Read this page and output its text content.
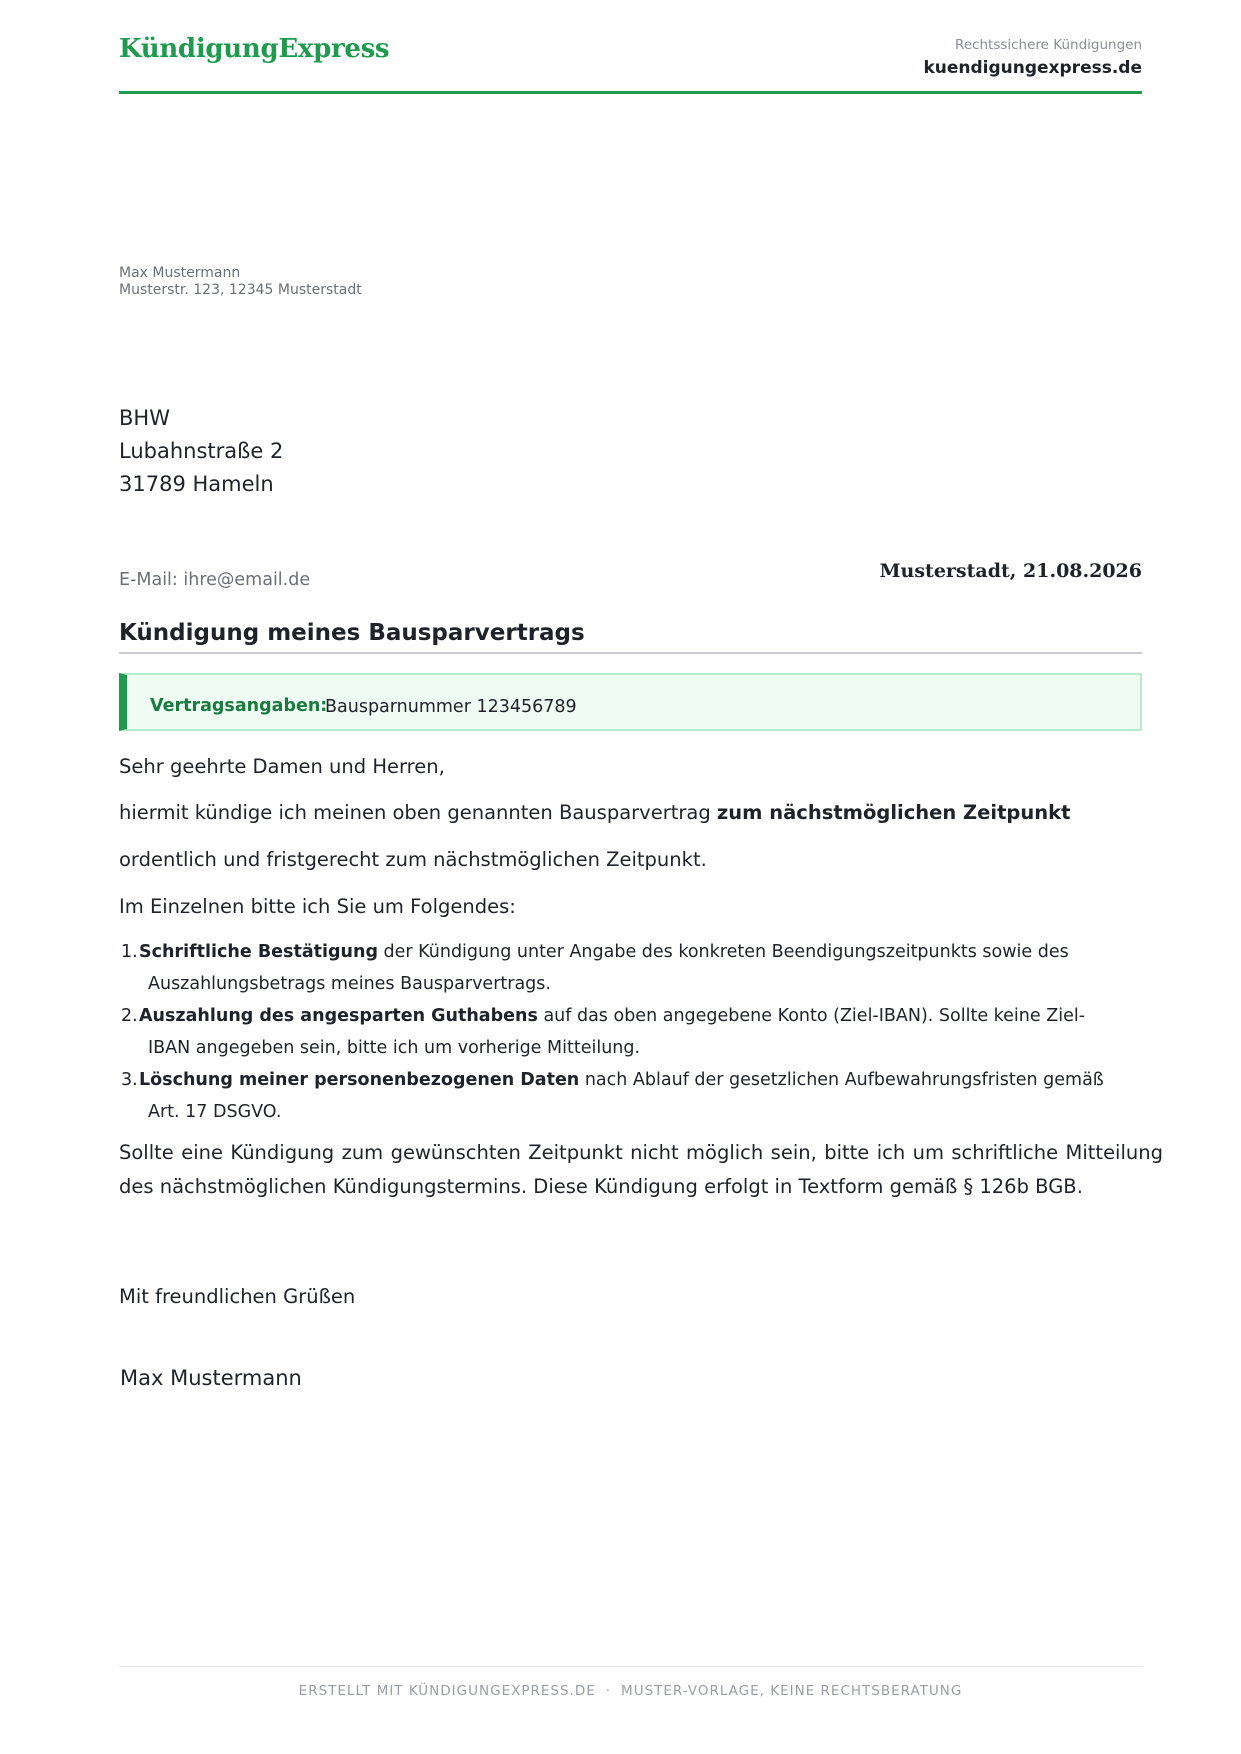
KündigungExpress	Rechtssichere Kündigungen
kuendigungexpress.de
Max Mustermann
Musterstr. 123, 12345 Musterstadt
BHW
Lubahnstraße 2
31789 Hameln
E-Mail: ihre@email.de	Musterstadt, 21.08.2026
Kündigung meines Bausparvertrags
Vertragsangaben:
Bausparnummer 123456789
Sehr geehrte Damen und Herren,
hiermit kündige ich meinen oben genannten Bausparvertrag zum nächstmöglichen Zeitpunkt
ordentlich und fristgerecht zum nächstmöglichen Zeitpunkt.
Im Einzelnen bitte ich Sie um Folgendes:
1. Schriftliche Bestätigung der Kündigung unter Angabe des konkreten Beendigungszeitpunkts sowie des
Auszahlungsbetrags meines Bausparvertrags.
2. Auszahlung des angesparten Guthabens auf das oben angegebene Konto (Ziel-IBAN). Sollte keine Ziel-
IBAN angegeben sein, bitte ich um vorherige Mitteilung.
3. Löschung meiner personenbezogenen Daten nach Ablauf der gesetzlichen Aufbewahrungsfristen gemäß
Art. 17 DSGVO.
Sollte eine Kündigung zum gewünschten Zeitpunkt nicht möglich sein, bitte ich um schriftliche Mitteilung des nächstmöglichen Kündigungstermins. Diese Kündigung erfolgt in Textform gemäß § 126b BGB.
Mit freundlichen Grüßen
Max Mustermann
ERSTELLT MIT KÜNDIGUNGEXPRESS.DE · MUSTER-VORLAGE, KEINE RECHTSBERATUNG
